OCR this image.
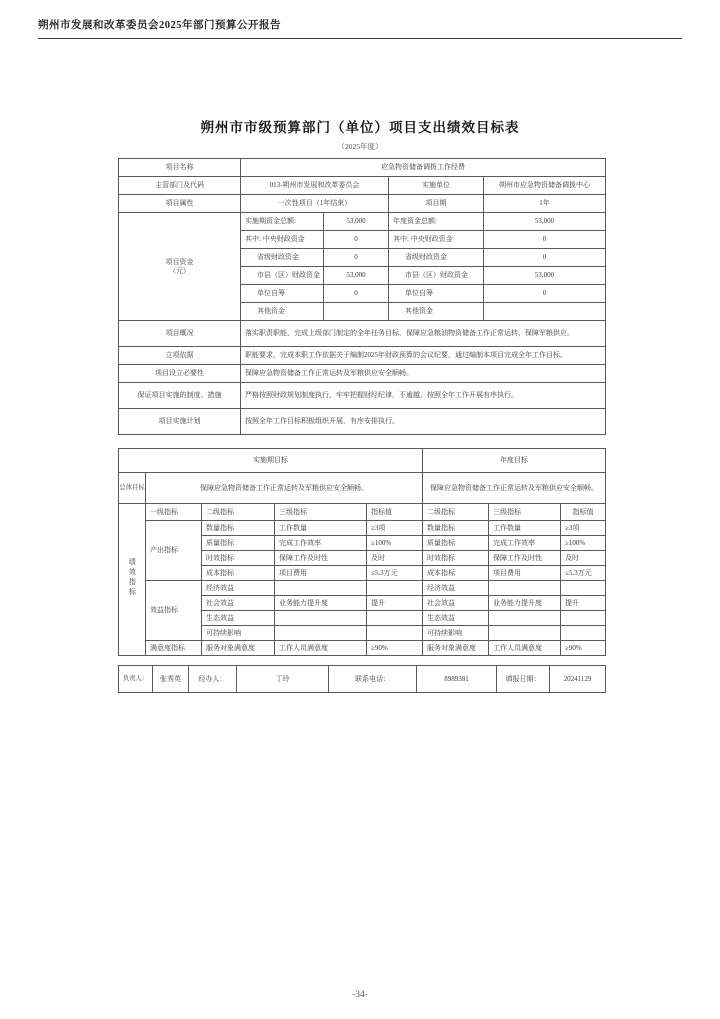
朔州市发展和改革委员会2025年部门预算公开报告
朔州市市级预算部门（单位）项目支出绩效目标表
（2025年度）
项目名称	应急物资储备调拨工作经费			
主管部门及代码	013-朔州市发展和改革委员会		实施单位	朔州市应急物资储备调拨中心
项目属性	一次性项目（1年结束）		项目期	1年
项目资金
（元）	实施期资金总额:	53,000	年度资金总额:	53,000
	其中: 中央财政资金	0	其中: 中央财政资金	0
	省级财政资金	0	省级财政资金	0
	市县（区）财政资金	53,000	市县（区）财政资金	53,000
	单位自筹	0	单位自筹	0
	其他资金		其他资金	
项目概况	落实职责职能，完成上级部门制定的全年任务目标，保障应急粮油物资储备工作正常运转，保障军粮供应。			
立项依据	职能要求，完成本职工作依据关于编制2025年财政预算的会议纪要，通过编制本项目完成全年工作目标。			
项目设立必要性	保障应急物资储备工作正常运转及军粮供应安全顺畅。			
保证项目实施的制度、措施	严格按照财政规划制度执行，牢牢把握财经纪律，不逾越，按照全年工作开展有序执行。			
项目实施计划	按照全年工作目标积极组织开展，有序安排执行。			
实施期目标					年度目标		
总体目标	保障应急物资储备工作正常运转及军粮供应安全顺畅。				保障应急物资储备工作正常运转及军粮供应安全顺畅。		
绩效指标	一级指标	二级指标	三级指标	指标值	二级指标	三级指标	指标值
	产出指标	数量指标	工作数量	≥3项	数量指标	工作数量	≥3项
		质量指标	完成工作效率	≥100%	质量指标	完成工作效率	≥100%
		时效指标	保障工作及时性	及时	时效指标	保障工作及时性	及时
		成本指标	项目费用	≤5.3万元	成本指标	项目费用	≤5.3万元
	效益指标	经济效益			经济效益		
		社会效益	业务能力提升度	提升	社会效益	业务能力提升度	提升
		生态效益			生态效益		
		可持续影响			可持续影响		
	满意度指标	服务对象满意度	工作人员满意度	≥90%	服务对象满意度	工作人员满意度	≥90%
负责人：	张秀英	经办人：	丁玲	联系电话：	8989381	填报日期：	20241129
-34-
